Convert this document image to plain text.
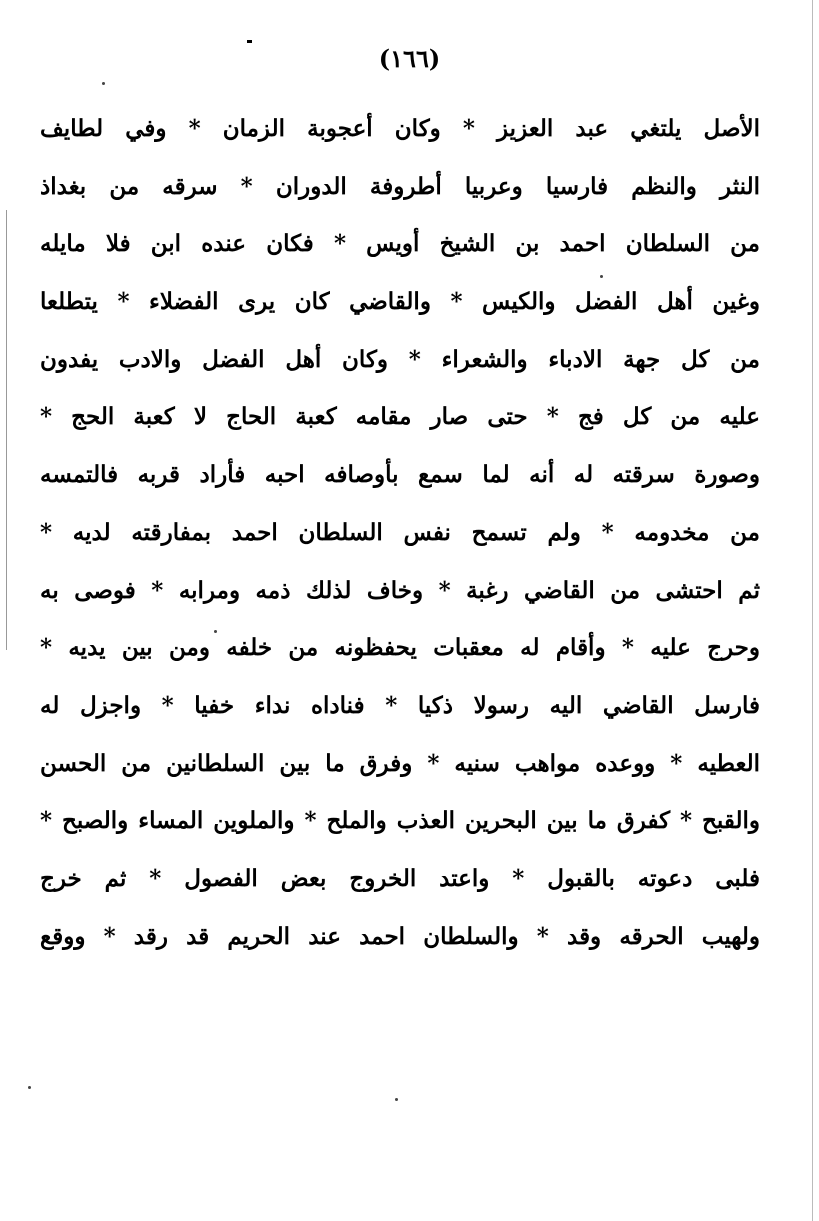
(١٦٦)
الأصل يلتغي عبد العزيز * وكان أعجوبة الزمان * وفي لطايف
النثر والنظم فارسيا وعربيا أطروفة الدوران * سرقه من بغداذ
من السلطان احمد بن الشيخ أويس * فكان عنده ابن فلا مايله
وغين أهل الفضل والكيس * والقاضي كان يرى الفضلاء * يتطلعا
من كل جهة الادباء والشعراء * وكان أهل الفضل والادب يفدون
عليه من كل فج * حتى صار مقامه كعبة الحاج لا كعبة الحج *
وصورة سرقته له أنه لما سمع بأوصافه احبه فأراد قربه فالتمسه
من مخدومه * ولم تسمح نفس السلطان احمد بمفارقته لديه *
ثم احتشى من القاضي رغبة * وخاف لذلك ذمه ومرابه * فوصى به
وحرج عليه * وأقام له معقبات يحفظونه من خلفه ومن بين يديه *
فارسل القاضي اليه رسولا ذكيا * فناداه نداء خفيا * واجزل له
العطيه * ووعده مواهب سنيه * وفرق ما بين السلطانين من الحسن
والقبح * كفرق ما بين البحرين العذب والملح * والملوين المساء والصبح *
فلبى دعوته بالقبول * واعتد الخروج بعض الفصول * ثم خرج
ولهيب الحرقه وقد * والسلطان احمد عند الحريم قد رقد * ووقع
